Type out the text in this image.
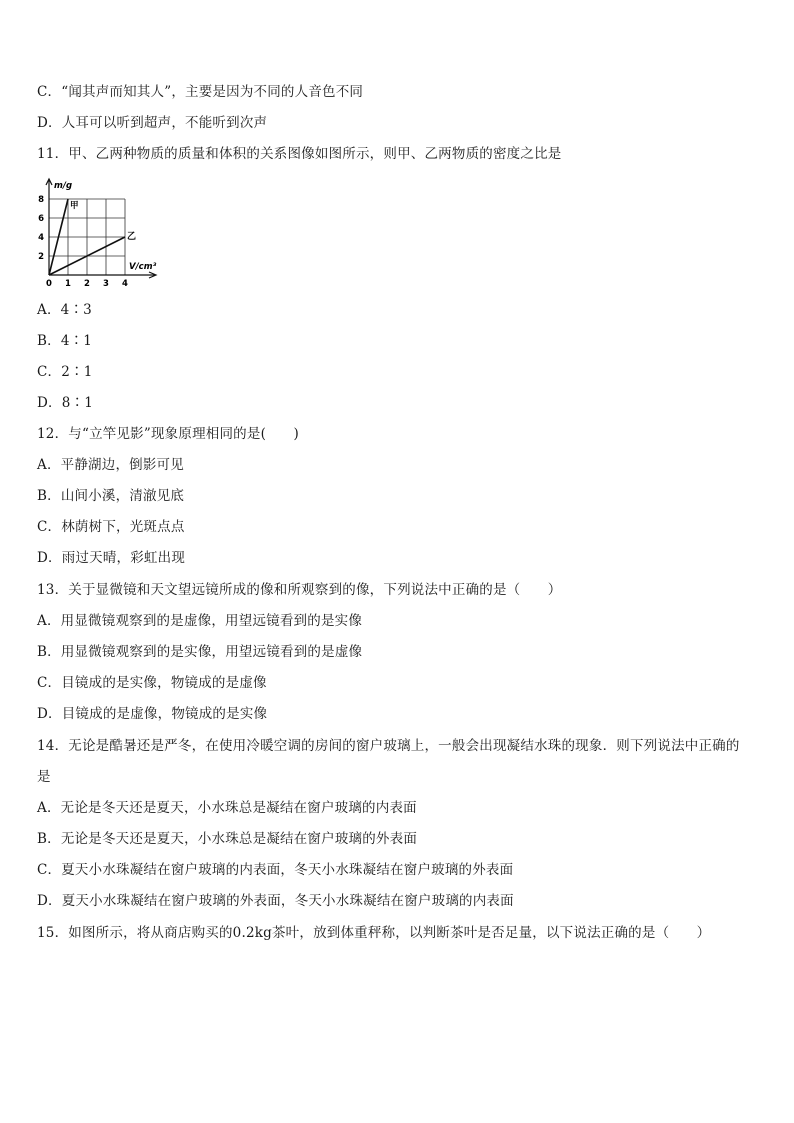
C．“闻其声而知其人”，主要是因为不同的人音色不同
D．人耳可以听到超声，不能听到次声
11．甲、乙两种物质的质量和体积的关系图像如图所示，则甲、乙两物质的密度之比是
m/g
V/cm³
甲
乙
8
6
4
2
0 1 2 3 4
A．4∶3
B．4∶1
C．2∶1
D．8∶1
12．与“立竿见影”现象原理相同的是(　　)
A．平静湖边，倒影可见
B．山间小溪，清澈见底
C．林荫树下，光斑点点
D．雨过天晴，彩虹出现
13．关于显微镜和天文望远镜所成的像和所观察到的像，下列说法中正确的是（　　）
A．用显微镜观察到的是虚像，用望远镜看到的是实像
B．用显微镜观察到的是实像，用望远镜看到的是虚像
C．目镜成的是实像，物镜成的是虚像
D．目镜成的是虚像，物镜成的是实像
14．无论是酷暑还是严冬，在使用冷暖空调的房间的窗户玻璃上，一般会出现凝结水珠的现象．则下列说法中正确的
是
A．无论是冬天还是夏天，小水珠总是凝结在窗户玻璃的内表面
B．无论是冬天还是夏天，小水珠总是凝结在窗户玻璃的外表面
C．夏天小水珠凝结在窗户玻璃的内表面，冬天小水珠凝结在窗户玻璃的外表面
D．夏天小水珠凝结在窗户玻璃的外表面，冬天小水珠凝结在窗户玻璃的内表面
15．如图所示，将从商店购买的0.2kg茶叶，放到体重秤称，以判断茶叶是否足量，以下说法正确的是（　　）
